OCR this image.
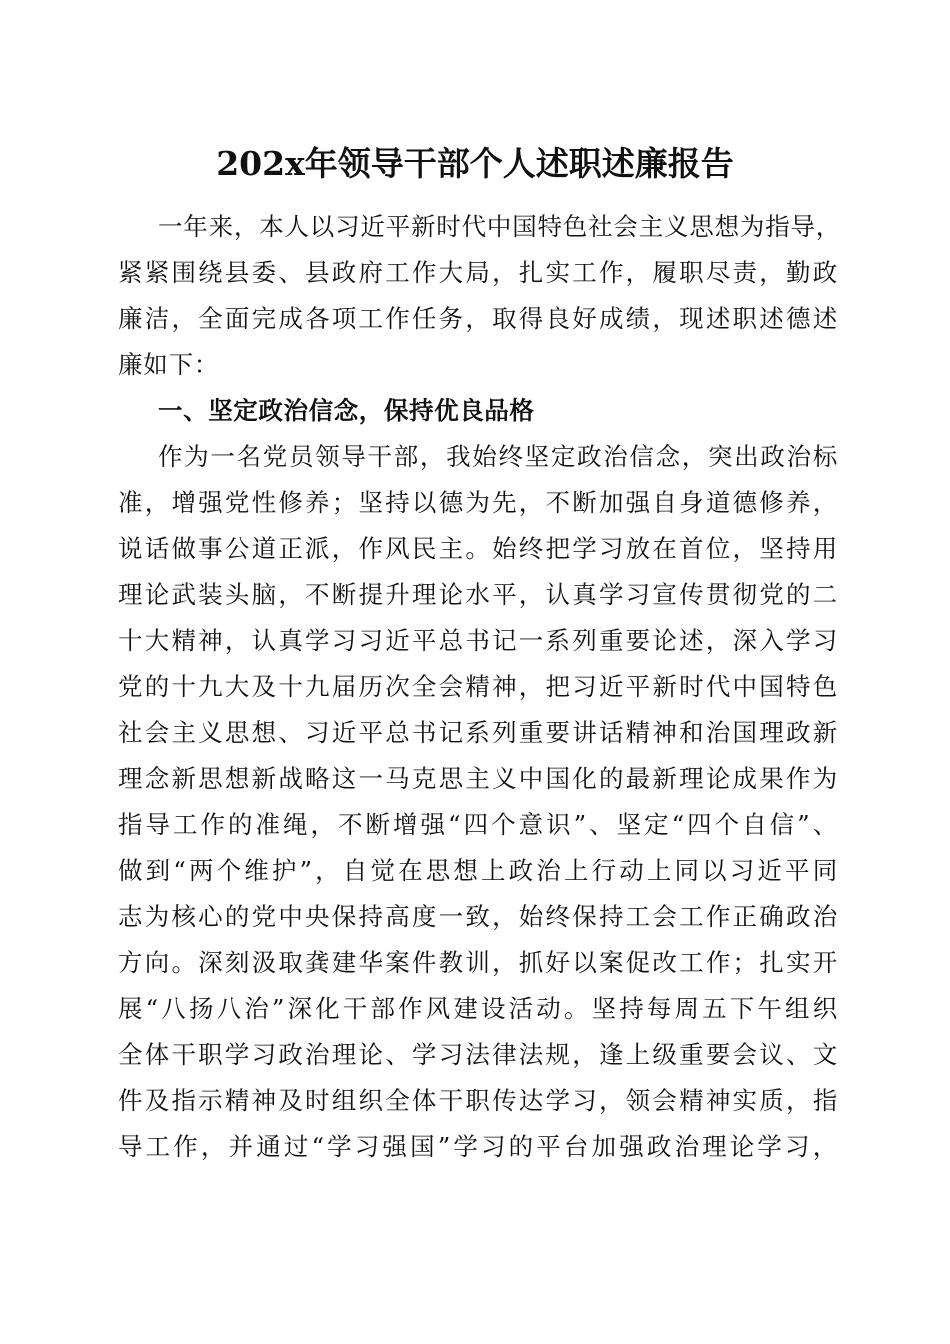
202x年领导干部个人述职述廉报告
一年来，本人以习近平新时代中国特色社会主义思想为指导，
紧紧围绕县委、县政府工作大局，扎实工作，履职尽责，勤政
廉洁，全面完成各项工作任务，取得良好成绩，现述职述德述
廉如下：
一、坚定政治信念，保持优良品格
作为一名党员领导干部，我始终坚定政治信念，突出政治标
准，增强党性修养；坚持以德为先，不断加强自身道德修养，
说话做事公道正派，作风民主。始终把学习放在首位，坚持用
理论武装头脑，不断提升理论水平，认真学习宣传贯彻党的二
十大精神，认真学习习近平总书记一系列重要论述，深入学习
党的十九大及十九届历次全会精神，把习近平新时代中国特色
社会主义思想、习近平总书记系列重要讲话精神和治国理政新
理念新思想新战略这一马克思主义中国化的最新理论成果作为
指导工作的准绳，不断增强“四个意识”、坚定“四个自信”、
做到“两个维护”，自觉在思想上政治上行动上同以习近平同
志为核心的党中央保持高度一致，始终保持工会工作正确政治
方向。深刻汲取龚建华案件教训，抓好以案促改工作；扎实开
展“八扬八治”深化干部作风建设活动。坚持每周五下午组织
全体干职学习政治理论、学习法律法规，逢上级重要会议、文
件及指示精神及时组织全体干职传达学习，领会精神实质，指
导工作，并通过“学习强国”学习的平台加强政治理论学习，
